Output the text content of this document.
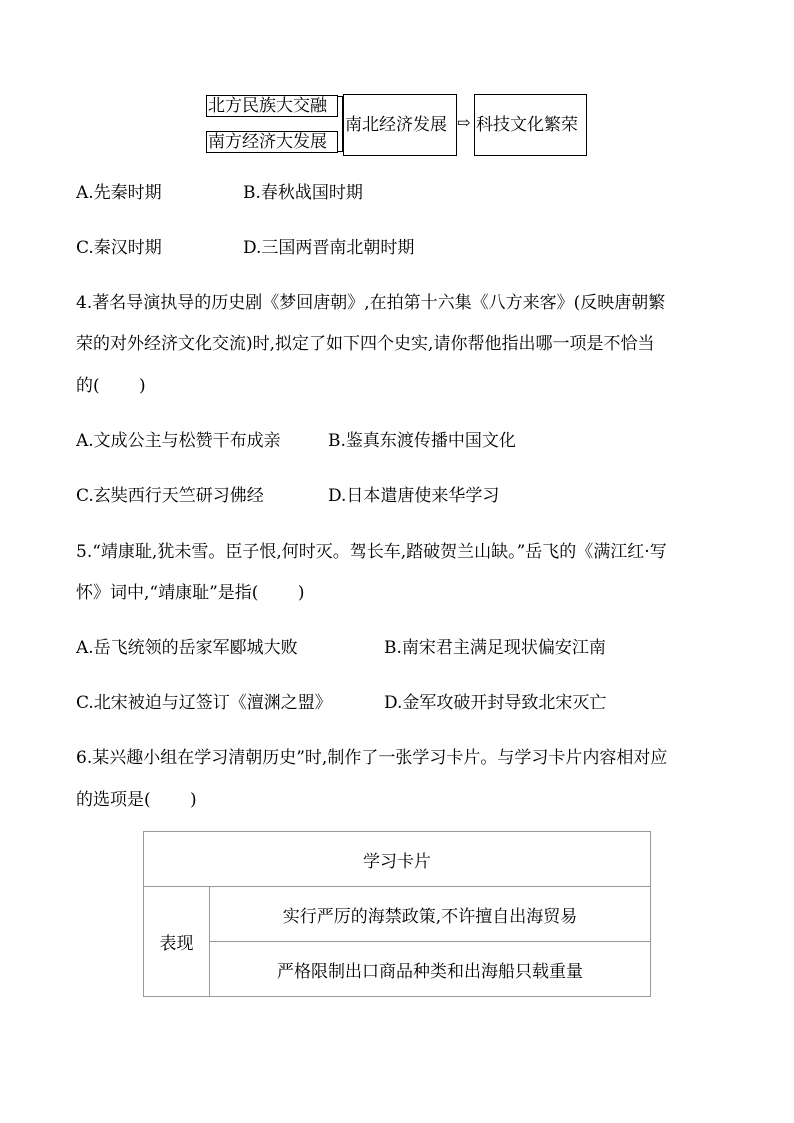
北方民族大交融
南方经济大发展
南北经济发展 ⇨ 科技文化繁荣
A.先秦时期	B.春秋战国时期
C.秦汉时期	D.三国两晋南北朝时期
4.著名导演执导的历史剧《梦回唐朝》,在拍第十六集《八方来客》(反映唐朝繁
荣的对外经济文化交流)时,拟定了如下四个史实,请你帮他指出哪一项是不恰当
的(　　 )
A.文成公主与松赞干布成亲	B.鉴真东渡传播中国文化
C.玄奘西行天竺研习佛经	D.日本遣唐使来华学习
5.“靖康耻,犹未雪。臣子恨,何时灭。驾长车,踏破贺兰山缺。”岳飞的《满江红·写
怀》词中,“靖康耻”是指(　　 )
A.岳飞统领的岳家军郾城大败	B.南宋君主满足现状偏安江南
C.北宋被迫与辽签订《澶渊之盟》	D.金军攻破开封导致北宋灭亡
6.某兴趣小组在学习清朝历史”时,制作了一张学习卡片。与学习卡片内容相对应
的选项是(　　 )
学习卡片
表现	实行严厉的海禁政策,不许擅自出海贸易
严格限制出口商品种类和出海船只载重量
